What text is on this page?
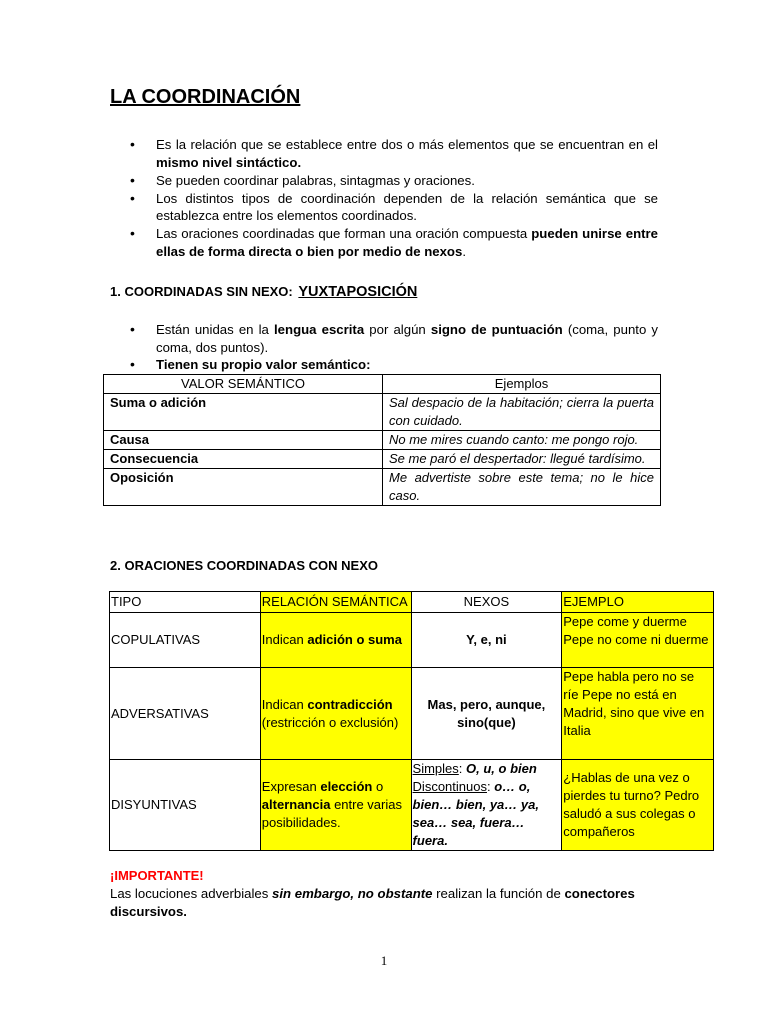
LA COORDINACIÓN
• Es la relación que se establece entre dos o más elementos que se encuentran en el mismo nivel sintáctico.
• Se pueden coordinar palabras, sintagmas y oraciones.
• Los distintos tipos de coordinación dependen de la relación semántica que se establezca entre los elementos coordinados.
• Las oraciones coordinadas que forman una oración compuesta pueden unirse entre ellas de forma directa o bien por medio de nexos.
1. COORDINADAS SIN NEXO: YUXTAPOSICIÓN
• Están unidas en la lengua escrita por algún signo de puntuación (coma, punto y coma, dos puntos).
• Tienen su propio valor semántico:
VALOR SEMÁNTICO	Ejemplos
Suma o adición	Sal despacio de la habitación; cierra la puerta con cuidado.
Causa	No me mires cuando canto: me pongo rojo.
Consecuencia	Se me paró el despertador: llegué tardísimo.
Oposición	Me advertiste sobre este tema; no le hice caso.
2. ORACIONES COORDINADAS CON NEXO
TIPO	RELACIÓN SEMÁNTICA	NEXOS	EJEMPLO
COPULATIVAS	Indican adición o suma	Y, e, ni	Pepe come y duerme Pepe no come ni duerme
ADVERSATIVAS	Indican contradicción
(restricción o exclusión)	Mas, pero, aunque, sino(que)	Pepe habla pero no se ríe Pepe no está en Madrid, sino que vive en Italia
DISYUNTIVAS	Expresan elección o alternancia entre varias posibilidades.	Simples: O, u, o bien
Discontinuos: o… o, bien… bien, ya… ya, sea… sea, fuera… fuera.	¿Hablas de una vez o pierdes tu turno? Pedro saludó a sus colegas o compañeros
¡IMPORTANTE!
Las locuciones adverbiales sin embargo, no obstante realizan la función de conectores discursivos.
1
